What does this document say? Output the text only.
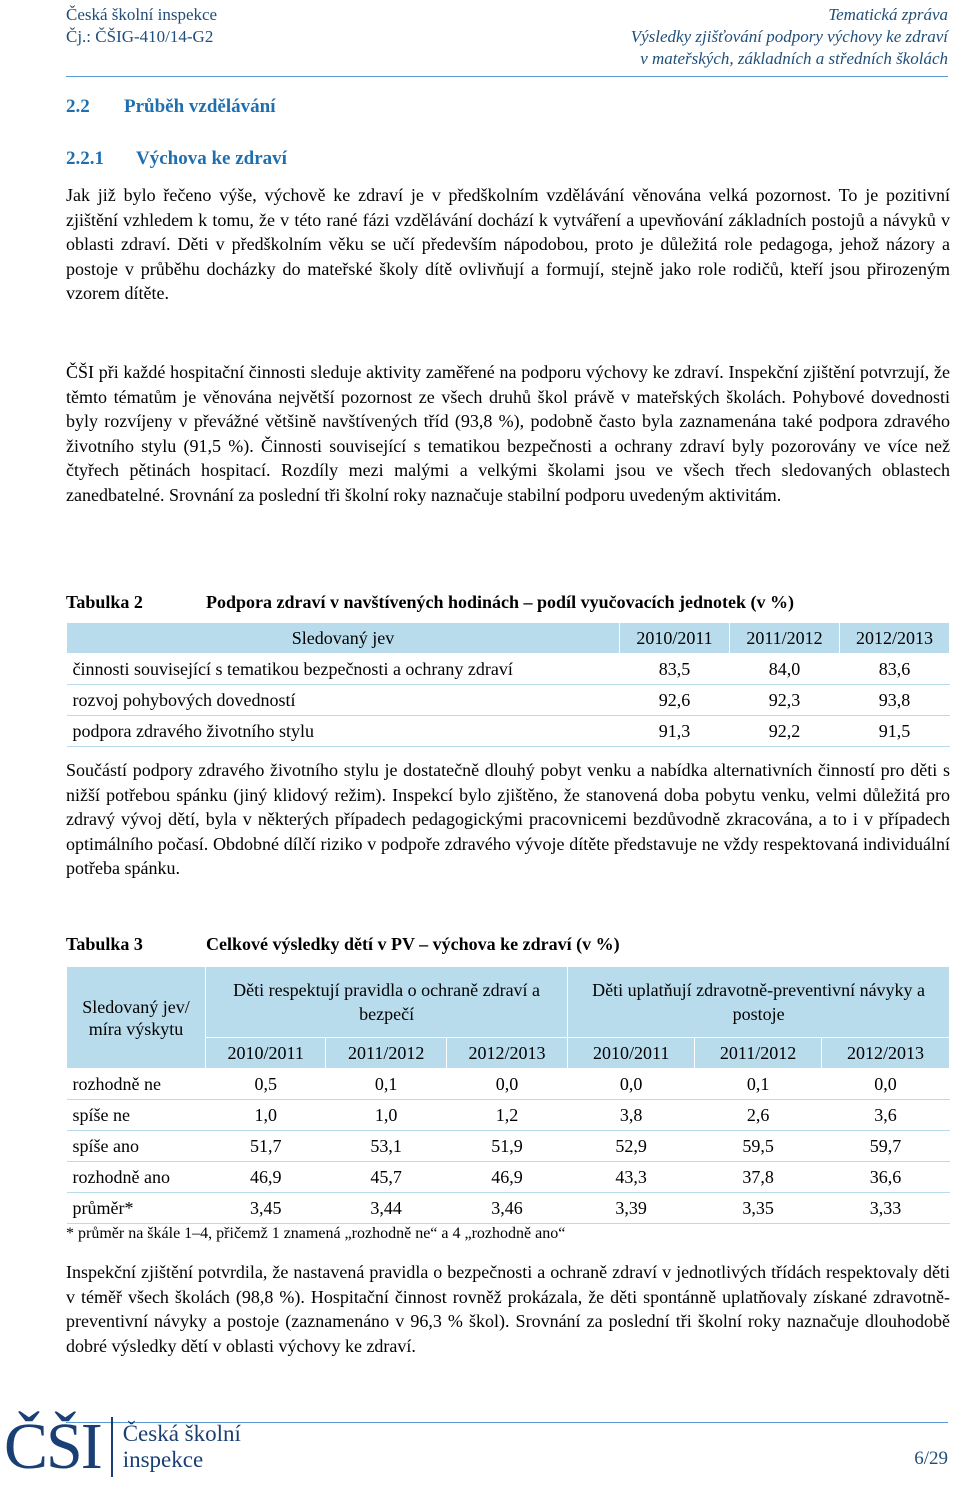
Česká školní inspekce
Čj.: ČŠIG-410/14-G2
Tematická zpráva
Výsledky zjišťování podpory výchovy ke zdraví
v mateřských, základních a středních školách
2.2 Průběh vzdělávání
2.2.1 Výchova ke zdraví

Jak již bylo řečeno výše, výchově ke zdraví je v předškolním vzdělávání věnována velká pozornost. To je pozitivní zjištění vzhledem k tomu, že v této rané fázi vzdělávání dochází k vytváření a upevňování základních postojů a návyků v oblasti zdraví. Děti v předškolním věku se učí především nápodobou, proto je důležitá role pedagoga, jehož názory a postoje v průběhu docházky do mateřské školy dítě ovlivňují a formují, stejně jako role rodičů, kteří jsou přirozeným vzorem dítěte.

ČŠI při každé hospitační činnosti sleduje aktivity zaměřené na podporu výchovy ke zdraví. Inspekční zjištění potvrzují, že těmto tématům je věnována největší pozornost ze všech druhů škol právě v mateřských školách. Pohybové dovednosti byly rozvíjeny v převážné většině navštívených tříd (93,8 %), podobně často byla zaznamenána také podpora zdravého životního stylu (91,5 %). Činnosti související s tematikou bezpečnosti a ochrany zdraví byly pozorovány ve více než čtyřech pětinách hospitací. Rozdíly mezi malými a velkými školami jsou ve všech třech sledovaných oblastech zanedbatelné. Srovnání za poslední tři školní roky naznačuje stabilní podporu uvedeným aktivitám.

Tabulka 2	Podpora zdraví v navštívených hodinách – podíl vyučovacích jednotek (v %)
Sledovaný jev	2010/2011	2011/2012	2012/2013
činnosti související s tematikou bezpečnosti a ochrany zdraví	83,5	84,0	83,6
rozvoj pohybových dovedností	92,6	92,3	93,8
podpora zdravého životního stylu	91,3	92,2	91,5

Součástí podpory zdravého životního stylu je dostatečně dlouhý pobyt venku a nabídka alternativních činností pro děti s nižší potřebou spánku (jiný klidový režim). Inspekcí bylo zjištěno, že stanovená doba pobytu venku, velmi důležitá pro zdravý vývoj dětí, byla v některých případech pedagogickými pracovnicemi bezdůvodně zkracována, a to i v případech optimálního počasí. Obdobné dílčí riziko v podpoře zdravého vývoje dítěte představuje ne vždy respektovaná individuální potřeba spánku.

Tabulka 3	Celkové výsledky dětí v PV – výchova ke zdraví (v %)
Sledovaný jev/ míra výskytu	Děti respektují pravidla o ochraně zdraví a bezpečí			Děti uplatňují zdravotně-preventivní návyky a postoje		
	2010/2011	2011/2012	2012/2013	2010/2011	2011/2012	2012/2013
rozhodně ne	0,5	0,1	0,0	0,0	0,1	0,0
spíše ne	1,0	1,0	1,2	3,8	2,6	3,6
spíše ano	51,7	53,1	51,9	52,9	59,5	59,7
rozhodně ano	46,9	45,7	46,9	43,3	37,8	36,6
průměr*	3,45	3,44	3,46	3,39	3,35	3,33
* průměr na škále 1–4, přičemž 1 znamená „rozhodně ne“ a 4 „rozhodně ano“

Inspekční zjištění potvrdila, že nastavená pravidla o bezpečnosti a ochraně zdraví v jednotlivých třídách respektovaly děti v téměř všech školách (98,8 %). Hospitační činnost rovněž prokázala, že děti spontánně uplatňovaly získané zdravotně-preventivní návyky a postoje (zaznamenáno v 96,3 % škol). Srovnání za poslední tři školní roky naznačuje dlouhodobě dobré výsledky dětí v oblasti výchovy ke zdraví.

ČŠI Česká školní
inspekce	6/29
